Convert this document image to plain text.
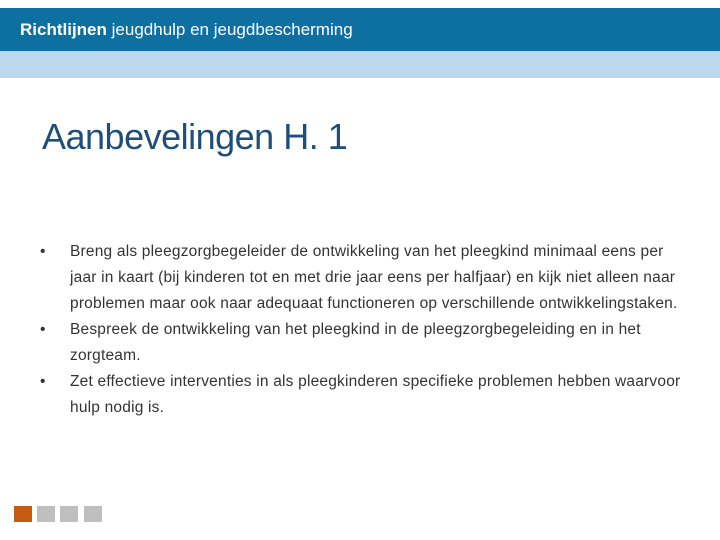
Richtlijnen jeugdhulp en jeugdbescherming
Aanbevelingen H. 1
•	Breng als pleegzorgbegeleider de ontwikkeling van het pleegkind minimaal eens per jaar in kaart (bij kinderen tot en met drie jaar eens per halfjaar) en kijk niet alleen naar problemen maar ook naar adequaat functioneren op verschillende ontwikkelingstaken.
•	Bespreek de ontwikkeling van het pleegkind in de pleegzorgbegeleiding en in het zorgteam.
•	Zet effectieve interventies in als pleegkinderen specifieke problemen hebben waarvoor hulp nodig is.
